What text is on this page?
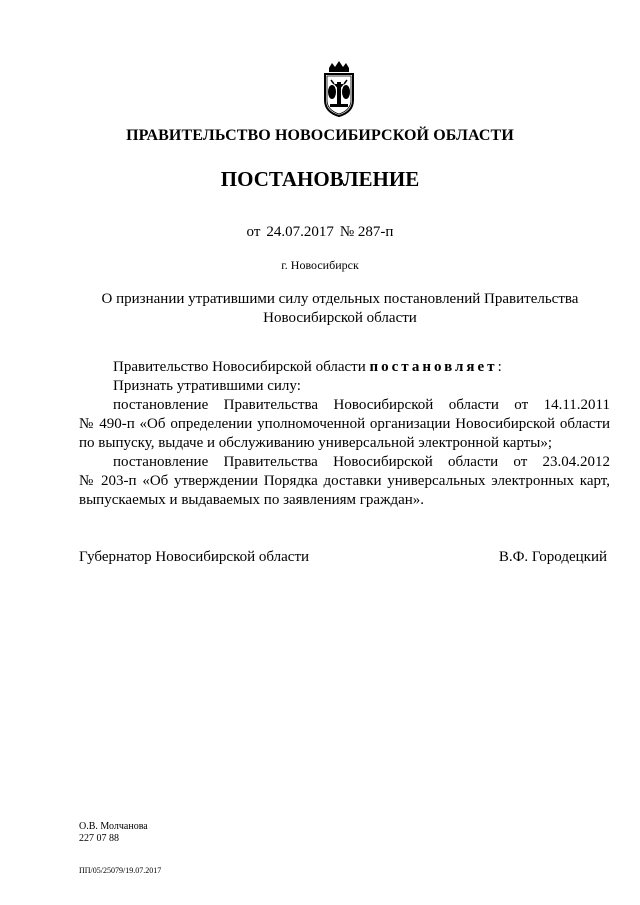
ПРАВИТЕЛЬСТВО НОВОСИБИРСКОЙ ОБЛАСТИ
ПОСТАНОВЛЕНИЕ
от 24.07.2017 № 287-п
г. Новосибирск
О признании утратившими силу отдельных постановлений Правительства
Новосибирской области
Правительство Новосибирской области постановляет:
Признать утратившими силу:
постановление Правительства Новосибирской области от 14.11.2011
№ 490-п «Об определении уполномоченной организации Новосибирской области
по выпуску, выдаче и обслуживанию универсальной электронной карты»;
постановление Правительства Новосибирской области от 23.04.2012
№ 203-п «Об утверждении Порядка доставки универсальных электронных карт,
выпускаемых и выдаваемых по заявлениям граждан».
Губернатор Новосибирской области	В.Ф. Городецкий
О.В. Молчанова
227 07 88
ПП/05/25079/19.07.2017
